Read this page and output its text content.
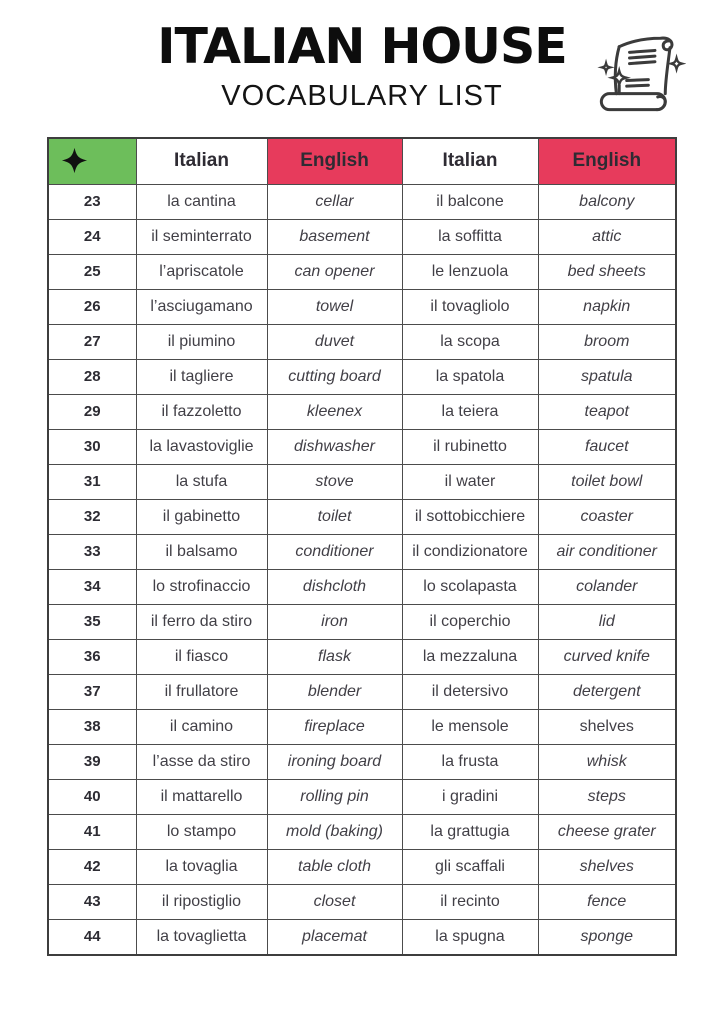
ITALIAN HOUSE
VOCABULARY LIST
	Italian	English	Italian	English
23	la cantina	cellar	il balcone	balcony
24	il seminterrato	basement	la soffitta	attic
25	l’apriscatole	can opener	le lenzuola	bed sheets
26	l’asciugamano	towel	il tovagliolo	napkin
27	il piumino	duvet	la scopa	broom
28	il tagliere	cutting board	la spatola	spatula
29	il fazzoletto	kleenex	la teiera	teapot
30	la lavastoviglie	dishwasher	il rubinetto	faucet
31	la stufa	stove	il water	toilet bowl
32	il gabinetto	toilet	il sottobicchiere	coaster
33	il balsamo	conditioner	il condizionatore	air conditioner
34	lo strofinaccio	dishcloth	lo scolapasta	colander
35	il ferro da stiro	iron	il coperchio	lid
36	il fiasco	flask	la mezzaluna	curved knife
37	il frullatore	blender	il detersivo	detergent
38	il camino	fireplace	le mensole	shelves
39	l’asse da stiro	ironing board	la frusta	whisk
40	il mattarello	rolling pin	i gradini	steps
41	lo stampo	mold (baking)	la grattugia	cheese grater
42	la tovaglia	table cloth	gli scaffali	shelves
43	il ripostiglio	closet	il recinto	fence
44	la tovaglietta	placemat	la spugna	sponge
